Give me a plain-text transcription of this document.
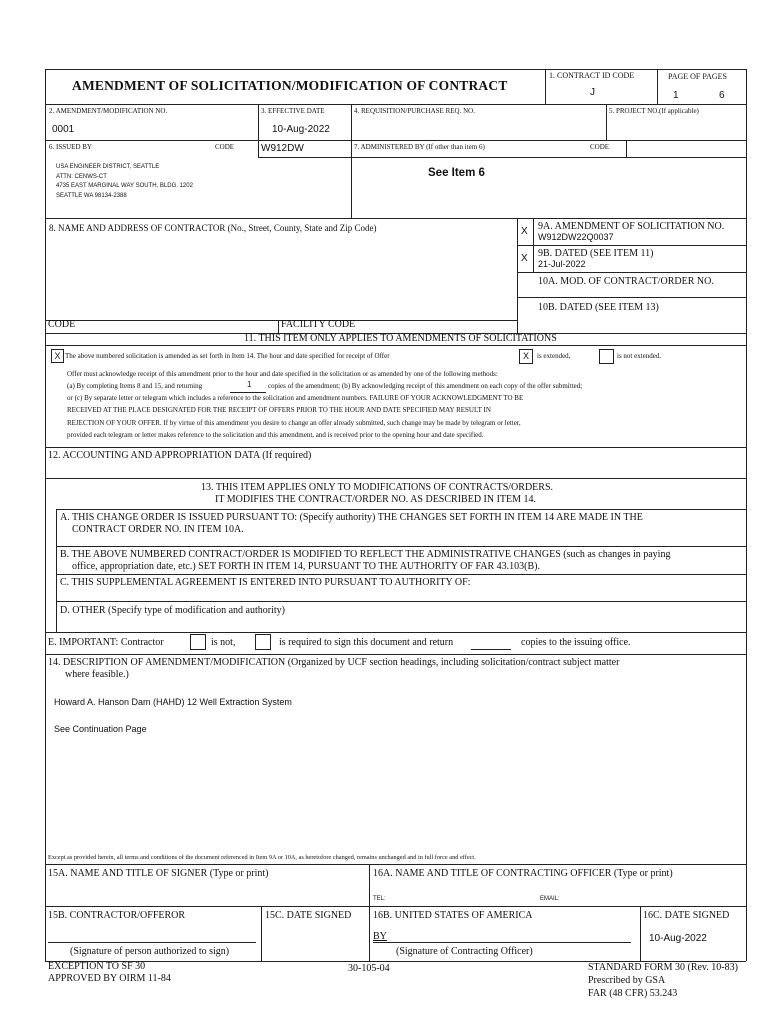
AMENDMENT OF SOLICITATION/MODIFICATION OF CONTRACT
1. CONTRACT ID CODE
J
PAGE OF PAGES
1	6
2. AMENDMENT/MODIFICATION NO.
0001
3. EFFECTIVE DATE
10-Aug-2022
4. REQUISITION/PURCHASE REQ. NO.	5. PROJECT NO.(If applicable)
6. ISSUED BY	CODE	W912DW	7. ADMINISTERED BY (If other than item 6)	CODE
USA ENGINEER DISTRICT, SEATTLE
ATTN: CENWS-CT
4735 EAST MARGINAL WAY SOUTH, BLDG. 1202
SEATTLE WA 98134-2388
See Item 6
8. NAME AND ADDRESS OF CONTRACTOR (No., Street, County, State and Zip Code)	X 9A. AMENDMENT OF SOLICITATION NO.
W912DW22Q0037
X 9B. DATED (SEE ITEM 11)
21-Jul-2022
10A. MOD. OF CONTRACT/ORDER NO.
10B. DATED (SEE ITEM 13)
CODE	FACILITY CODE
11. THIS ITEM ONLY APPLIES TO AMENDMENTS OF SOLICITATIONS
X The above numbered solicitation is amended as set forth in Item 14. The hour and date specified for receipt of Offer	X	is extended,	is not extended.
Offer must acknowledge receipt of this amendment prior to the hour and date specified in the solicitation or as amended by one of the following methods:
(a) By completing Items 8 and 15, and returning	1 copies of the amendment; (b) By acknowledging receipt of this amendment on each copy of the offer submitted;
or (c) By separate letter or telegram which includes a reference to the solicitation and amendment numbers. FAILURE OF YOUR ACKNOWLEDGMENT TO BE
RECEIVED AT THE PLACE DESIGNATED FOR THE RECEIPT OF OFFERS PRIOR TO THE HOUR AND DATE SPECIFIED MAY RESULT IN
REJECTION OF YOUR OFFER. If by virtue of this amendment you desire to change an offer already submitted, such change may be made by telegram or letter,
provided each telegram or letter makes reference to the solicitation and this amendment, and is received prior to the opening hour and date specified.
12. ACCOUNTING AND APPROPRIATION DATA (If required)
13. THIS ITEM APPLIES ONLY TO MODIFICATIONS OF CONTRACTS/ORDERS.
IT MODIFIES THE CONTRACT/ORDER NO. AS DESCRIBED IN ITEM 14.
A. THIS CHANGE ORDER IS ISSUED PURSUANT TO: (Specify authority) THE CHANGES SET FORTH IN ITEM 14 ARE MADE IN THE
CONTRACT ORDER NO. IN ITEM 10A.
B. THE ABOVE NUMBERED CONTRACT/ORDER IS MODIFIED TO REFLECT THE ADMINISTRATIVE CHANGES (such as changes in paying
office, appropriation date, etc.) SET FORTH IN ITEM 14, PURSUANT TO THE AUTHORITY OF FAR 43.103(B).
C. THIS SUPPLEMENTAL AGREEMENT IS ENTERED INTO PURSUANT TO AUTHORITY OF:
D. OTHER (Specify type of modification and authority)
E. IMPORTANT: Contractor	is not,	is required to sign this document and return	copies to the issuing office.
14. DESCRIPTION OF AMENDMENT/MODIFICATION (Organized by UCF section headings, including solicitation/contract subject matter
where feasible.)
Howard A. Hanson Dam (HAHD) 12 Well Extraction System
See Continuation Page
Except as provided herein, all terms and conditions of the document referenced in Item 9A or 10A, as heretofore changed, remains unchanged and in full force and effect.
15A. NAME AND TITLE OF SIGNER (Type or print)	16A. NAME AND TITLE OF CONTRACTING OFFICER (Type or print)
TEL:	EMAIL:
15B. CONTRACTOR/OFFEROR	15C. DATE SIGNED 16B. UNITED STATES OF AMERICA	16C. DATE SIGNED
BY
(Signature of person authorized to sign)	(Signature of Contracting Officer)
10-Aug-2022
EXCEPTION TO SF 30
APPROVED BY OIRM 11-84
30-105-04	STANDARD FORM 30 (Rev. 10-83)
Prescribed by GSA
FAR (48 CFR) 53.243
